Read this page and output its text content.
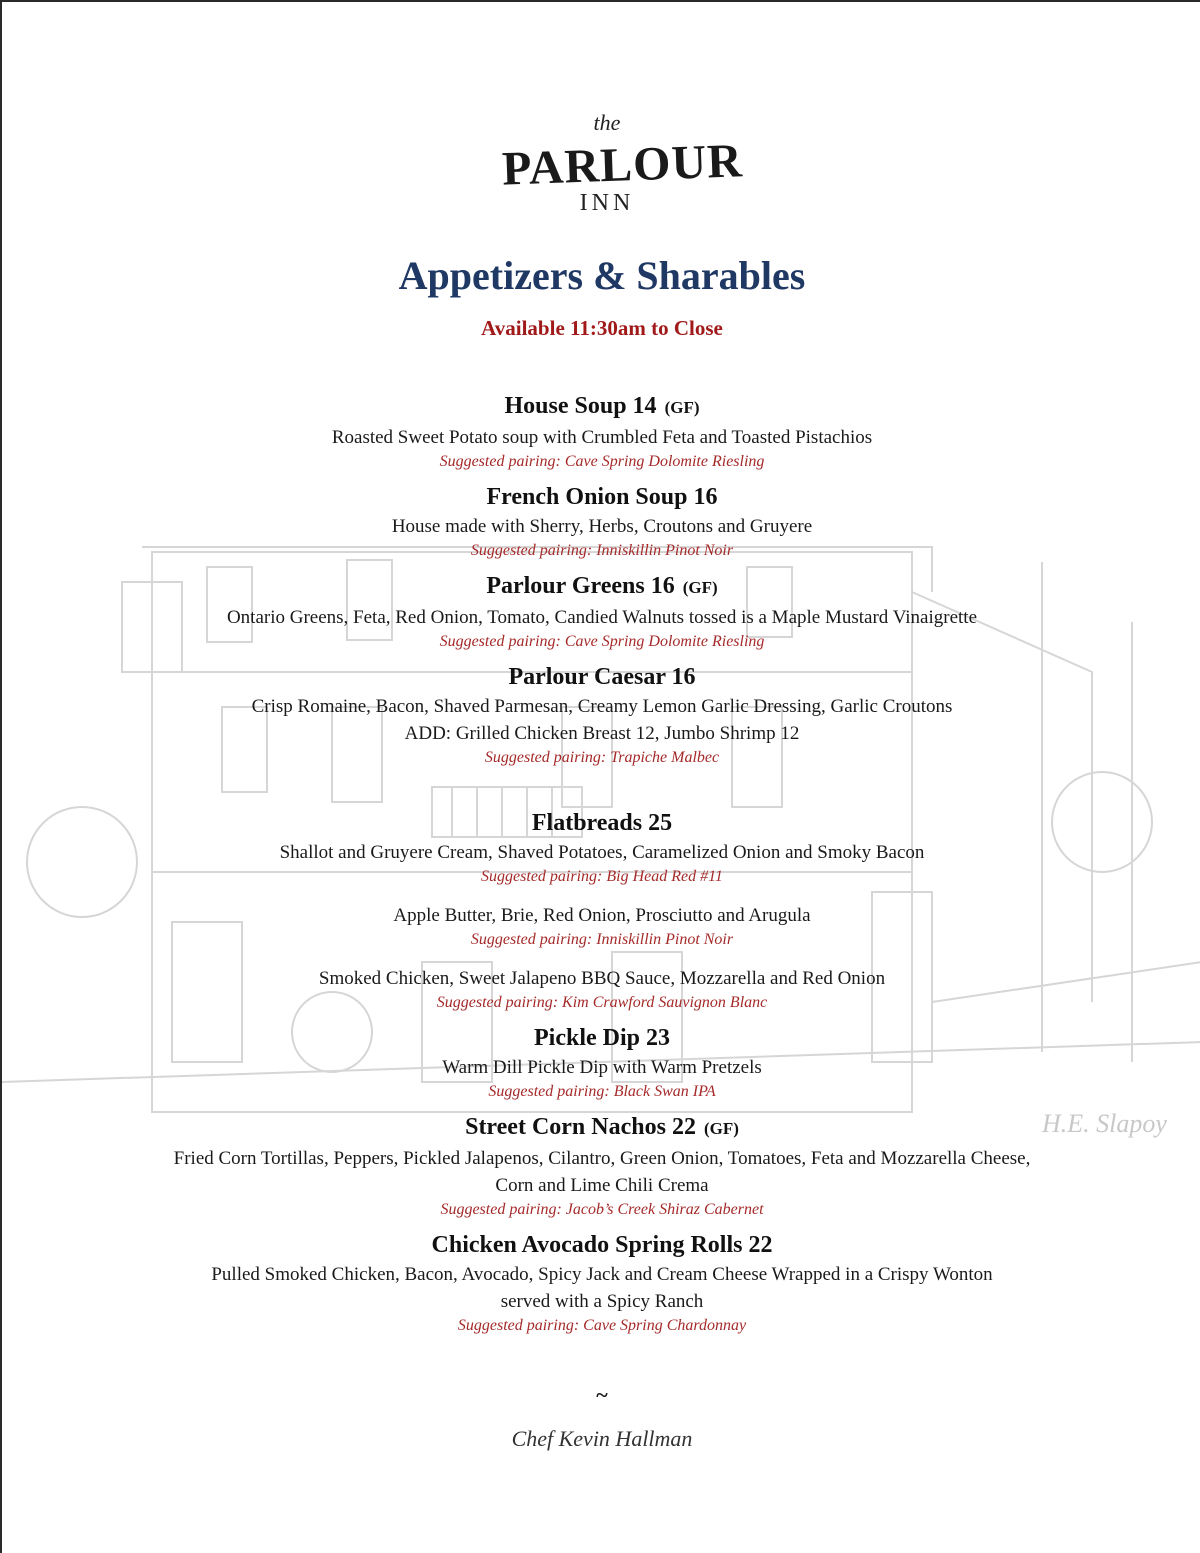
H.E. Slapoy
the
PARLOUR
INN
Appetizers & Sharables
Available 11:30am to Close
House Soup 14 (GF)
Roasted Sweet Potato soup with Crumbled Feta and Toasted Pistachios
Suggested pairing: Cave Spring Dolomite Riesling
French Onion Soup 16
House made with Sherry, Herbs, Croutons and Gruyere
Suggested pairing: Inniskillin Pinot Noir
Parlour Greens 16 (GF)
Ontario Greens, Feta, Red Onion, Tomato, Candied Walnuts tossed is a Maple Mustard Vinaigrette
Suggested pairing: Cave Spring Dolomite Riesling
Parlour Caesar 16
Crisp Romaine, Bacon, Shaved Parmesan, Creamy Lemon Garlic Dressing, Garlic Croutons
ADD: Grilled Chicken Breast 12, Jumbo Shrimp 12
Suggested pairing: Trapiche Malbec
Flatbreads 25
Shallot and Gruyere Cream, Shaved Potatoes, Caramelized Onion and Smoky Bacon
Suggested pairing: Big Head Red #11
Apple Butter, Brie, Red Onion, Prosciutto and Arugula
Suggested pairing: Inniskillin Pinot Noir
Smoked Chicken, Sweet Jalapeno BBQ Sauce, Mozzarella and Red Onion
Suggested pairing: Kim Crawford Sauvignon Blanc
Pickle Dip 23
Warm Dill Pickle Dip with Warm Pretzels
Suggested pairing: Black Swan IPA
Street Corn Nachos 22 (GF)
Fried Corn Tortillas, Peppers, Pickled Jalapenos, Cilantro, Green Onion, Tomatoes, Feta and Mozzarella Cheese,
Corn and Lime Chili Crema
Suggested pairing: Jacob’s Creek Shiraz Cabernet
Chicken Avocado Spring Rolls 22
Pulled Smoked Chicken, Bacon, Avocado, Spicy Jack and Cream Cheese Wrapped in a Crispy Wonton
served with a Spicy Ranch
Suggested pairing: Cave Spring Chardonnay
~
Chef Kevin Hallman
